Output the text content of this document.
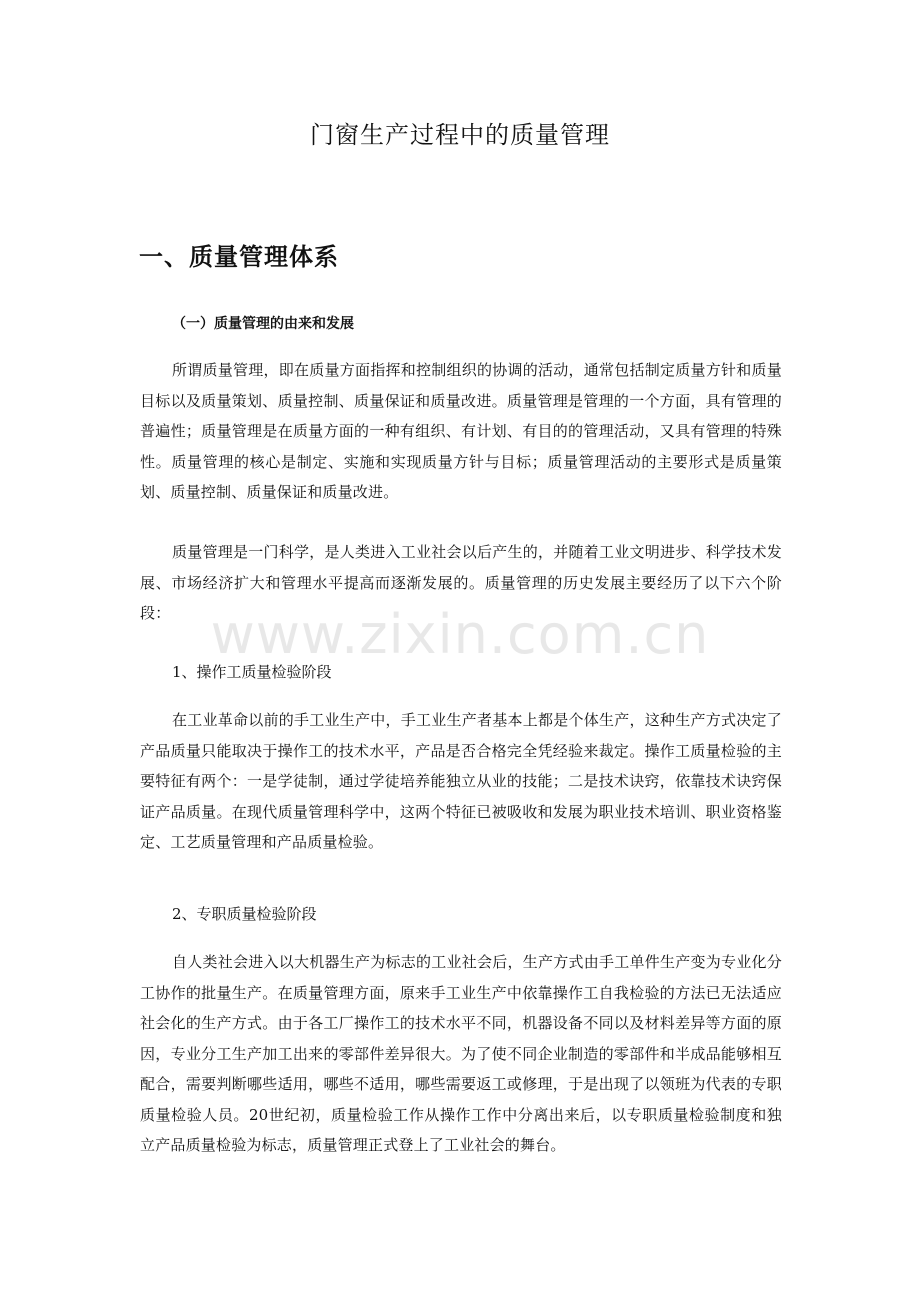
门窗生产过程中的质量管理
一、质量管理体系
（一）质量管理的由来和发展

所谓质量管理，即在质量方面指挥和控制组织的协调的活动，通常包括制定质量方针和质量目标以及质量策划、质量控制、质量保证和质量改进。质量管理是管理的一个方面，具有管理的普遍性；质量管理是在质量方面的一种有组织、有计划、有目的的管理活动，又具有管理的特殊性。质量管理的核心是制定、实施和实现质量方针与目标；质量管理活动的主要形式是质量策划、质量控制、质量保证和质量改进。

质量管理是一门科学，是人类进入工业社会以后产生的，并随着工业文明进步、科学技术发展、市场经济扩大和管理水平提高而逐渐发展的。质量管理的历史发展主要经历了以下六个阶段：

1、操作工质量检验阶段

在工业革命以前的手工业生产中，手工业生产者基本上都是个体生产，这种生产方式决定了产品质量只能取决于操作工的技术水平，产品是否合格完全凭经验来裁定。操作工质量检验的主要特征有两个：一是学徒制，通过学徒培养能独立从业的技能；二是技术诀窍，依靠技术诀窍保证产品质量。在现代质量管理科学中，这两个特征已被吸收和发展为职业技术培训、职业资格鉴定、工艺质量管理和产品质量检验。

2、专职质量检验阶段

自人类社会进入以大机器生产为标志的工业社会后，生产方式由手工单件生产变为专业化分工协作的批量生产。在质量管理方面，原来手工业生产中依靠操作工自我检验的方法已无法适应社会化的生产方式。由于各工厂操作工的技术水平不同，机器设备不同以及材料差异等方面的原因，专业分工生产加工出来的零部件差异很大。为了使不同企业制造的零部件和半成品能够相互配合，需要判断哪些适用，哪些不适用，哪些需要返工或修理，于是出现了以领班为代表的专职质量检验人员。20世纪初，质量检验工作从操作工作中分离出来后，以专职质量检验制度和独立产品质量检验为标志，质量管理正式登上了工业社会的舞台。

www.zixin.com.cn
